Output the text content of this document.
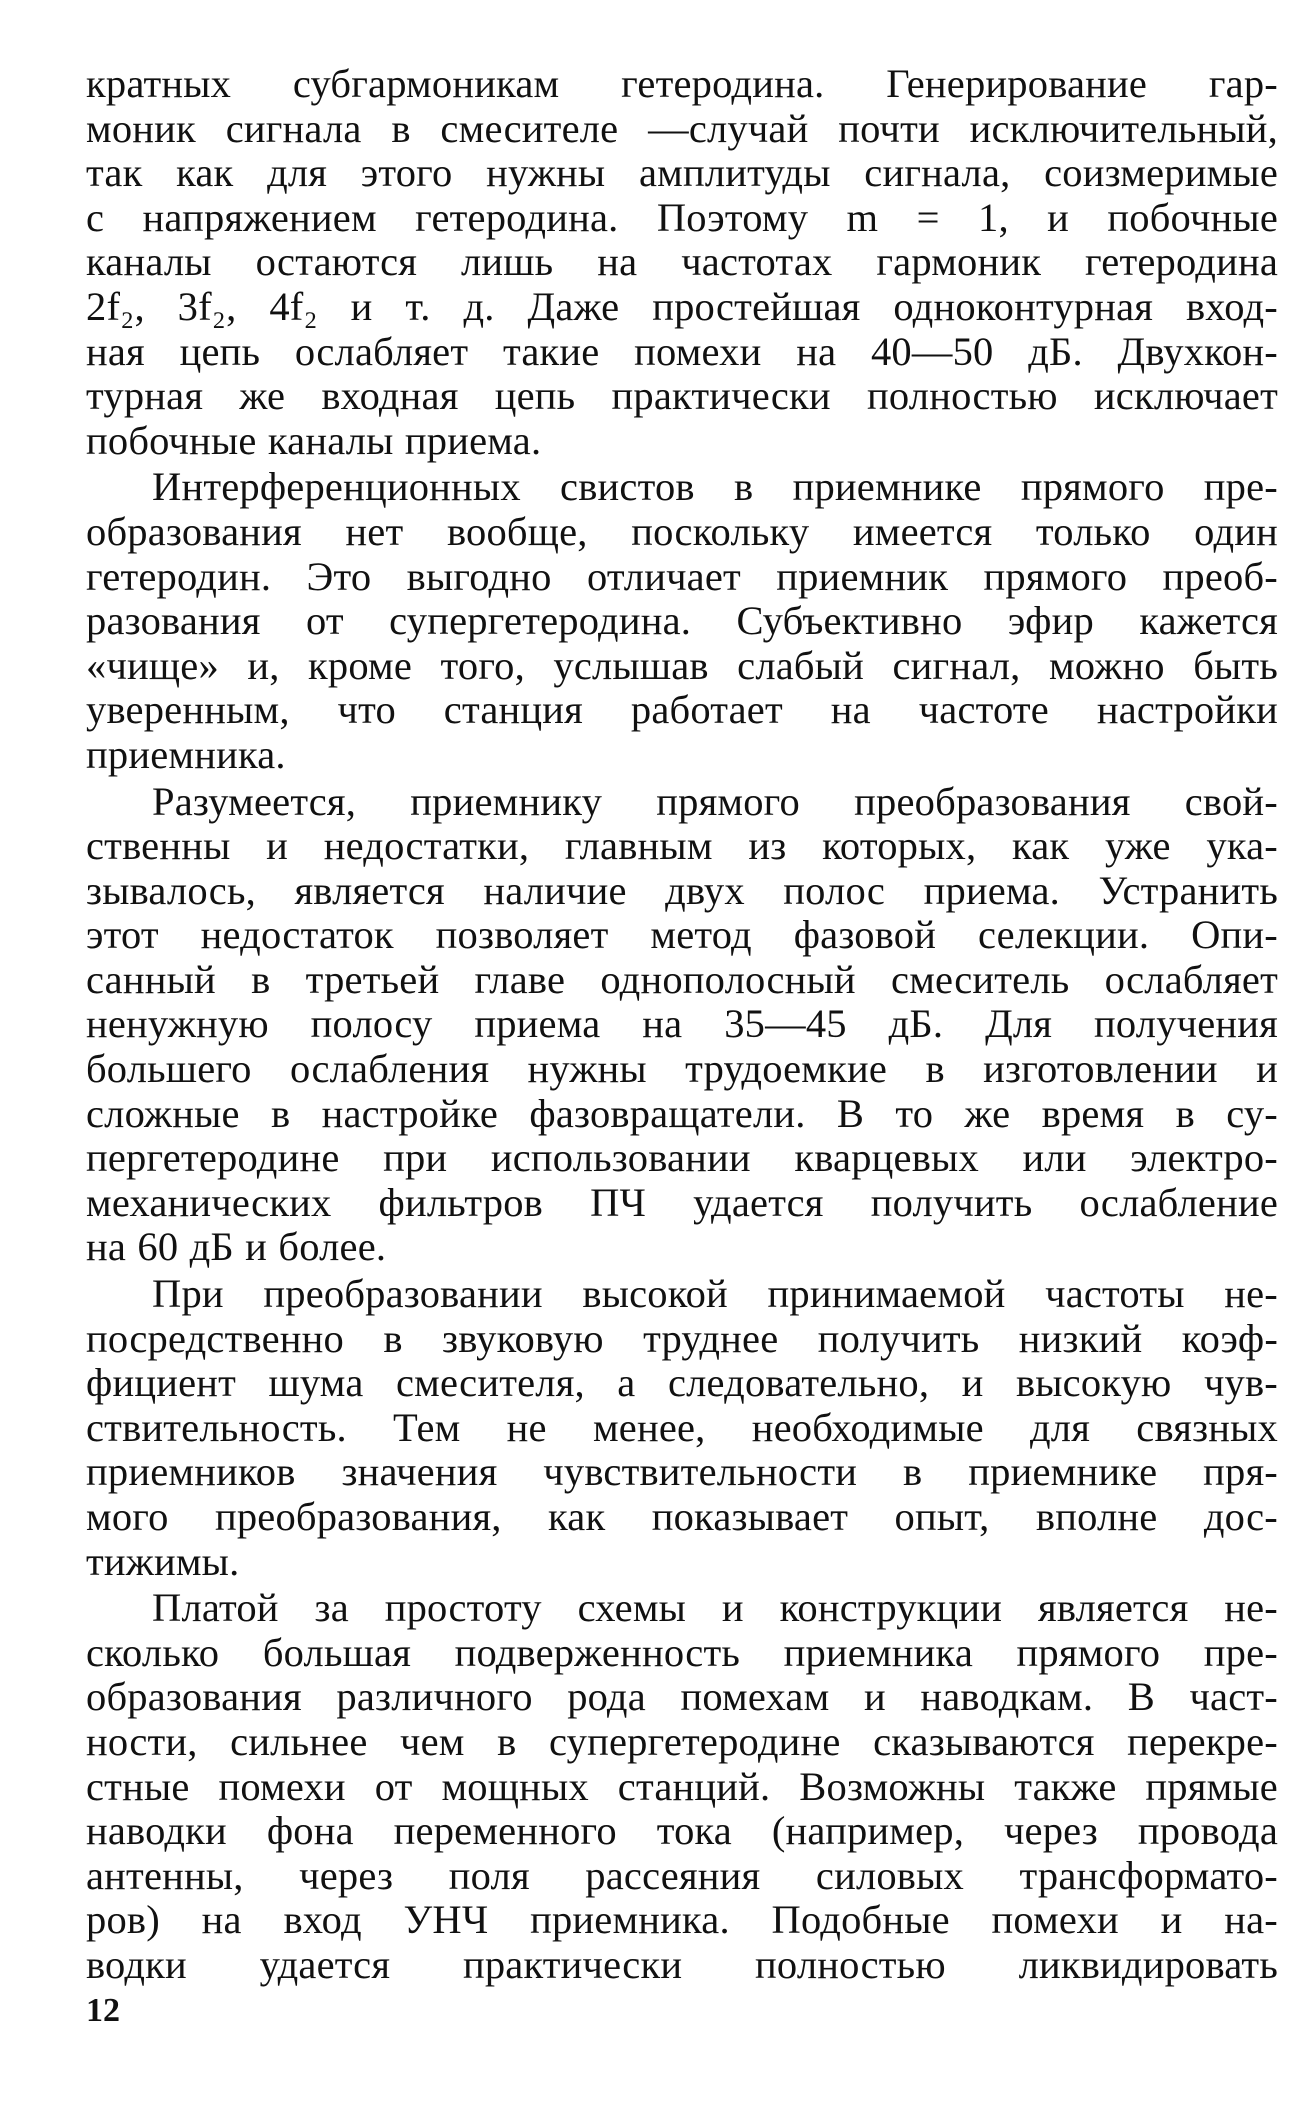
кратных субгармоникам гетеродина. Генерирование гар-
моник сигнала в смесителе —случай почти исключительный,
так как для этого нужны амплитуды сигнала, соизмеримые
с напряжением гетеродина. Поэтому m = 1, и побочные
каналы остаются лишь на частотах гармоник гетеродина
2f₂, 3f₂, 4f₂ и т. д. Даже простейшая одноконтурная вход-
ная цепь ослабляет такие помехи на 40—50 дБ. Двухкон-
турная же входная цепь практически полностью исключает
побочные каналы приема.

Интерференционных свистов в приемнике прямого пре-
образования нет вообще, поскольку имеется только один
гетеродин. Это выгодно отличает приемник прямого преоб-
разования от супергетеродина. Субъективно эфир кажется
«чище» и, кроме того, услышав слабый сигнал, можно быть
уверенным, что станция работает на частоте настройки
приемника.

Разумеется, приемнику прямого преобразования свой-
ственны и недостатки, главным из которых, как уже ука-
зывалось, является наличие двух полос приема. Устранить
этот недостаток позволяет метод фазовой селекции. Опи-
санный в третьей главе однополосный смеситель ослабляет
ненужную полосу приема на 35—45 дБ. Для получения
большего ослабления нужны трудоемкие в изготовлении и
сложные в настройке фазовращатели. В то же время в су-
пергетеродине при использовании кварцевых или электро-
механических фильтров ПЧ удается получить ослабление
на 60 дБ и более.

При преобразовании высокой принимаемой частоты не-
посредственно в звуковую труднее получить низкий коэф-
фициент шума смесителя, а следовательно, и высокую чув-
ствительность. Тем не менее, необходимые для связных
приемников значения чувствительности в приемнике пря-
мого преобразования, как показывает опыт, вполне дос-
тижимы.

Платой за простоту схемы и конструкции является не-
сколько большая подверженность приемника прямого пре-
образования различного рода помехам и наводкам. В част-
ности, сильнее чем в супергетеродине сказываются перекре-
стные помехи от мощных станций. Возможны также прямые
наводки фона переменного тока (например, через провода
антенны, через поля рассеяния силовых трансформато-
ров) на вход УНЧ приемника. Подобные помехи и на-
водки удается практически полностью ликвидировать

12
